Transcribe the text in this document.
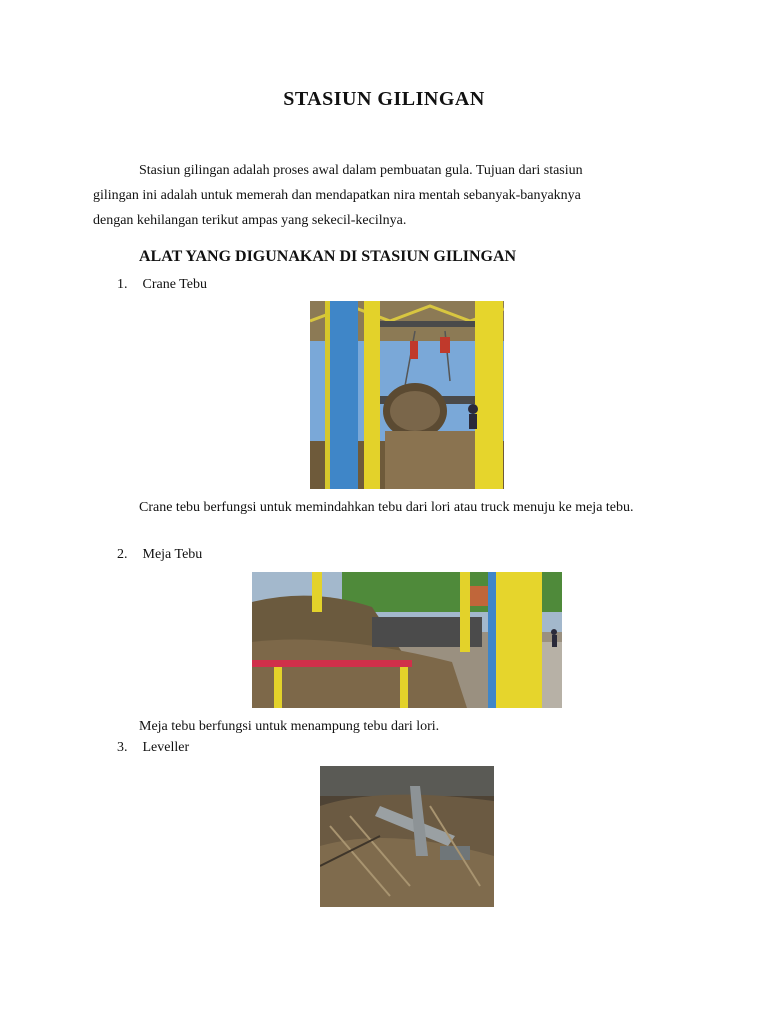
STASIUN GILINGAN

Stasiun gilingan adalah proses awal dalam pembuatan gula. Tujuan dari stasiun
gilingan ini adalah untuk memerah dan mendapatkan nira mentah sebanyak-banyaknya
dengan kehilangan terikut ampas yang sekecil-kecilnya.

ALAT YANG DIGUNAKAN DI STASIUN GILINGAN
1. Crane Tebu
Crane tebu berfungsi untuk memindahkan tebu dari lori atau truck menuju ke meja tebu.
2. Meja Tebu
Meja tebu berfungsi untuk menampung tebu dari lori.
3. Leveller
